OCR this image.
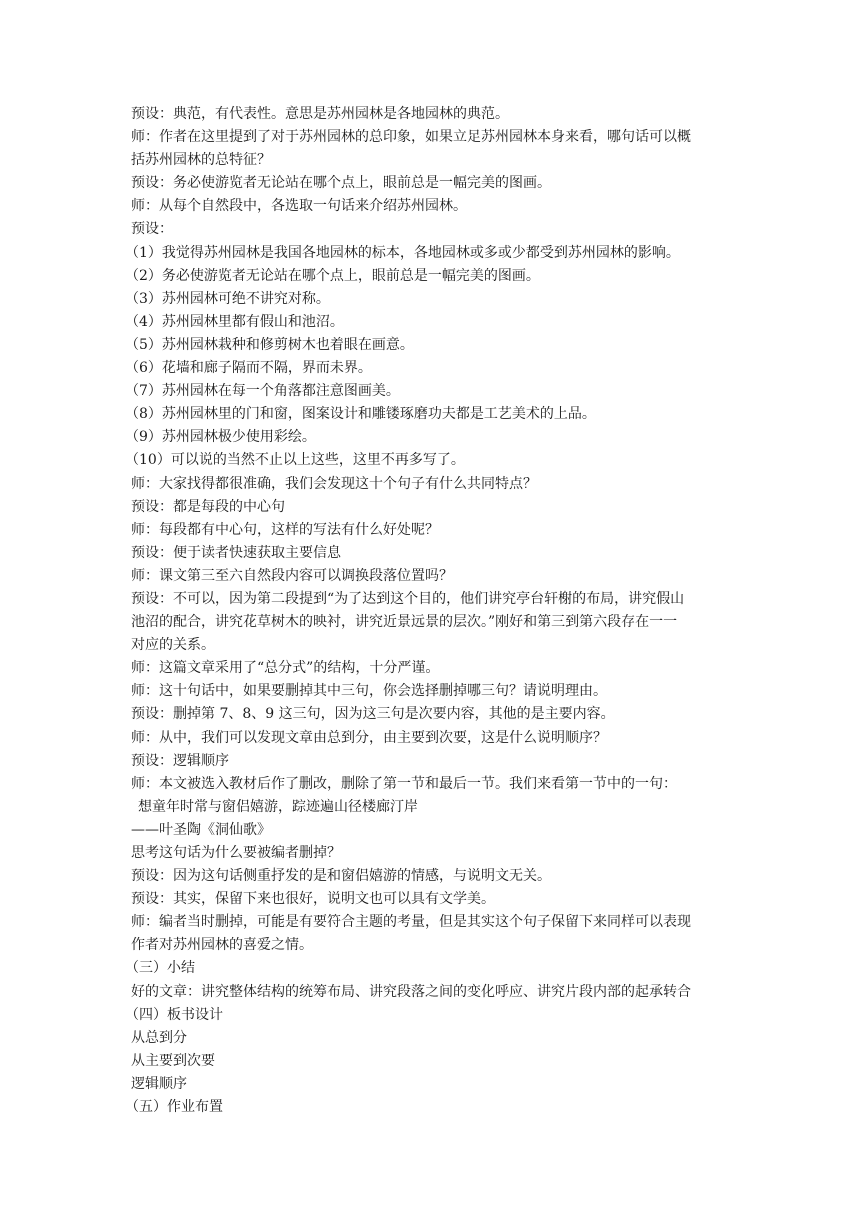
预设：典范，有代表性。意思是苏州园林是各地园林的典范。
师：作者在这里提到了对于苏州园林的总印象，如果立足苏州园林本身来看，哪句话可以概
括苏州园林的总特征？
预设：务必使游览者无论站在哪个点上，眼前总是一幅完美的图画。
师：从每个自然段中，各选取一句话来介绍苏州园林。
预设：
（1）我觉得苏州园林是我国各地园林的标本，各地园林或多或少都受到苏州园林的影响。
（2）务必使游览者无论站在哪个点上，眼前总是一幅完美的图画。
（3）苏州园林可绝不讲究对称。
（4）苏州园林里都有假山和池沼。
（5）苏州园林栽种和修剪树木也着眼在画意。
（6）花墙和廊子隔而不隔，界而未界。
（7）苏州园林在每一个角落都注意图画美。
（8）苏州园林里的门和窗，图案设计和雕镂琢磨功夫都是工艺美术的上品。
（9）苏州园林极少使用彩绘。
（10）可以说的当然不止以上这些，这里不再多写了。
师：大家找得都很准确，我们会发现这十个句子有什么共同特点？
预设：都是每段的中心句
师：每段都有中心句，这样的写法有什么好处呢？
预设：便于读者快速获取主要信息
师：课文第三至六自然段内容可以调换段落位置吗？
预设：不可以，因为第二段提到“为了达到这个目的，他们讲究亭台轩榭的布局，讲究假山
池沼的配合，讲究花草树木的映衬，讲究近景远景的层次。”刚好和第三到第六段存在一一
对应的关系。
师：这篇文章采用了“总分式”的结构，十分严谨。
师：这十句话中，如果要删掉其中三句，你会选择删掉哪三句？请说明理由。
预设：删掉第 7、8、9 这三句，因为这三句是次要内容，其他的是主要内容。
师：从中，我们可以发现文章由总到分，由主要到次要，这是什么说明顺序？
预设：逻辑顺序
师：本文被选入教材后作了删改，删除了第一节和最后一节。我们来看第一节中的一句：
想童年时常与窗侣嬉游，踪迹遍山径楼廊汀岸
——叶圣陶《洞仙歌》
思考这句话为什么要被编者删掉？
预设：因为这句话侧重抒发的是和窗侣嬉游的情感，与说明文无关。
预设：其实，保留下来也很好，说明文也可以具有文学美。
师：编者当时删掉，可能是有要符合主题的考量，但是其实这个句子保留下来同样可以表现
作者对苏州园林的喜爱之情。
（三）小结
好的文章：讲究整体结构的统筹布局、讲究段落之间的变化呼应、讲究片段内部的起承转合
（四）板书设计
从总到分
从主要到次要
逻辑顺序
（五）作业布置
